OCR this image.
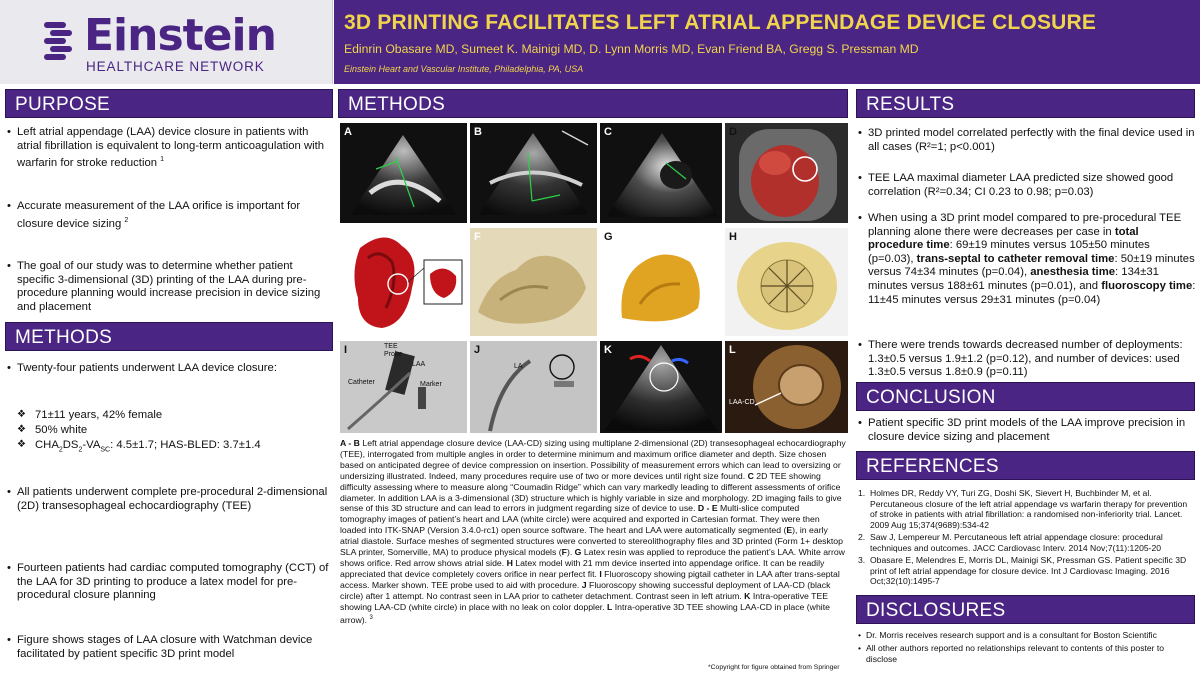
Einstein
HEALTHCARE NETWORK
3D PRINTING FACILITATES LEFT ATRIAL APPENDAGE DEVICE CLOSURE
Edinrin Obasare MD, Sumeet K. Mainigi MD, D. Lynn Morris MD, Evan Friend BA, Gregg S. Pressman MD
Einstein Heart and Vascular Institute, Philadelphia, PA, USA
PURPOSE
• Left atrial appendage (LAA) device closure in patients with atrial fibrillation is equivalent to long-term anticoagulation with warfarin for stroke reduction $^1$
• Accurate measurement of the LAA orifice is important for closure device sizing $^2$
• The goal of our study was to determine whether patient specific 3-dimensional (3D) printing of the LAA during pre-procedure planning would increase precision in device sizing and placement
METHODS
• Twenty-four patients underwent LAA device closure:
❖ 71±11 years, 42% female
❖ 50% white
❖ $CHA_2DS_2-VA_{SC}$: 4.5±1.7; HAS-BLED: 3.7±1.4
• All patients underwent complete pre-procedural 2-dimensional (2D) transesophageal echocardiography (TEE)
• Fourteen patients had cardiac computed tomography (CCT) of the LAA for 3D printing to produce a latex model for pre-procedural closure planning
• Figure shows stages of LAA closure with Watchman device facilitated by patient specific 3D print model
METHODS
A	B	C	D
E	F	G	H
I	TEE Probe
LAA
Catheter	Marker
J
LA
K	L
LAA-CD
A - B Left atrial appendage closure device (LAA-CD) sizing using multiplane 2-dimensional (2D) transesophageal echocardiography (TEE), interrogated from multiple angles in order to determine minimum and maximum orifice diameter and depth. Size chosen based on anticipated degree of device compression on insertion. Possibility of measurement errors which can lead to oversizing or undersizing illustrated. Indeed, many procedures require use of two or more devices until right size found. C 2D TEE showing difficulty assessing where to measure along “Coumadin Ridge” which can vary markedly leading to different assessments of orifice diameter. In addition LAA is a 3-dimensional (3D) structure which is highly variable in size and morphology. 2D imaging fails to give sense of this 3D structure and can lead to errors in judgment regarding size of device to use. D - E Multi-slice computed tomography images of patient’s heart and LAA (white circle) were acquired and exported in Cartesian format. They were then loaded into ITK-SNAP (Version 3.4.0-rc1) open source software. The heart and LAA were automatically segmented (E), in early atrial diastole. Surface meshes of segmented structures were converted to stereolithography files and 3D printed (Form 1+ desktop SLA printer, Somerville, MA) to produce physical models (F). G Latex resin was applied to reproduce the patient’s LAA. White arrow shows orifice. Red arrow shows atrial side. H Latex model with 21 mm device inserted into appendage orifice. It can be readily appreciated that device completely covers orifice in near perfect fit. I Fluoroscopy showing pigtail catheter in LAA after trans-septal access. Marker shown. TEE probe used to aid with procedure. J Fluoroscopy showing successful deployment of LAA-CD (black circle) after 1 attempt. No contrast seen in LAA prior to catheter detachment. Contrast seen in left atrium. K Intra-operative TEE showing LAA-CD (white circle) in place with no leak on color doppler. L Intra-operative 3D TEE showing LAA-CD in place (white arrow). $^3$
*Copyright for figure obtained from Springer
RESULTS
• 3D printed model correlated perfectly with the final device used in all cases (R²=1; p<0.001)
• TEE LAA maximal diameter LAA predicted size showed good correlation (R²=0.34; CI 0.23 to 0.98; p=0.03)
• When using a 3D print model compared to pre-procedural TEE planning alone there were decreases per case in total procedure time: 69±19 minutes versus 105±50 minutes (p=0.03), trans-septal to catheter removal time: 50±19 minutes versus 74±34 minutes (p=0.04), anesthesia time: 134±31 minutes versus 188±61 minutes (p=0.01), and fluoroscopy time: 11±45 minutes versus 29±31 minutes (p=0.04)
• There were trends towards decreased number of deployments: 1.3±0.5 versus 1.9±1.2 (p=0.12), and number of devices: used 1.3±0.5 versus 1.8±0.9 (p=0.11)
CONCLUSION
• Patient specific 3D print models of the LAA improve precision in closure device sizing and placement
REFERENCES
1. Holmes DR, Reddy VY, Turi ZG, Doshi SK, Sievert H, Buchbinder M, et al. Percutaneous closure of the left atrial appendage vs warfarin therapy for prevention of stroke in patients with atrial fibrillation: a randomised non-inferiority trial. Lancet. 2009 Aug 15;374(9689):534-42
2. Saw J, Lempereur M. Percutaneous left atrial appendage closure: procedural techniques and outcomes. JACC Cardiovasc Interv. 2014 Nov;7(11):1205-20
3. Obasare E, Melendres E, Morris DL, Mainigi SK, Pressman GS. Patient specific 3D print of left atrial appendage for closure device. Int J Cardiovasc Imaging. 2016 Oct;32(10):1495-7
DISCLOSURES
• Dr. Morris receives research support and is a consultant for Boston Scientific
• All other authors reported no relationships relevant to contents of this poster to disclose
